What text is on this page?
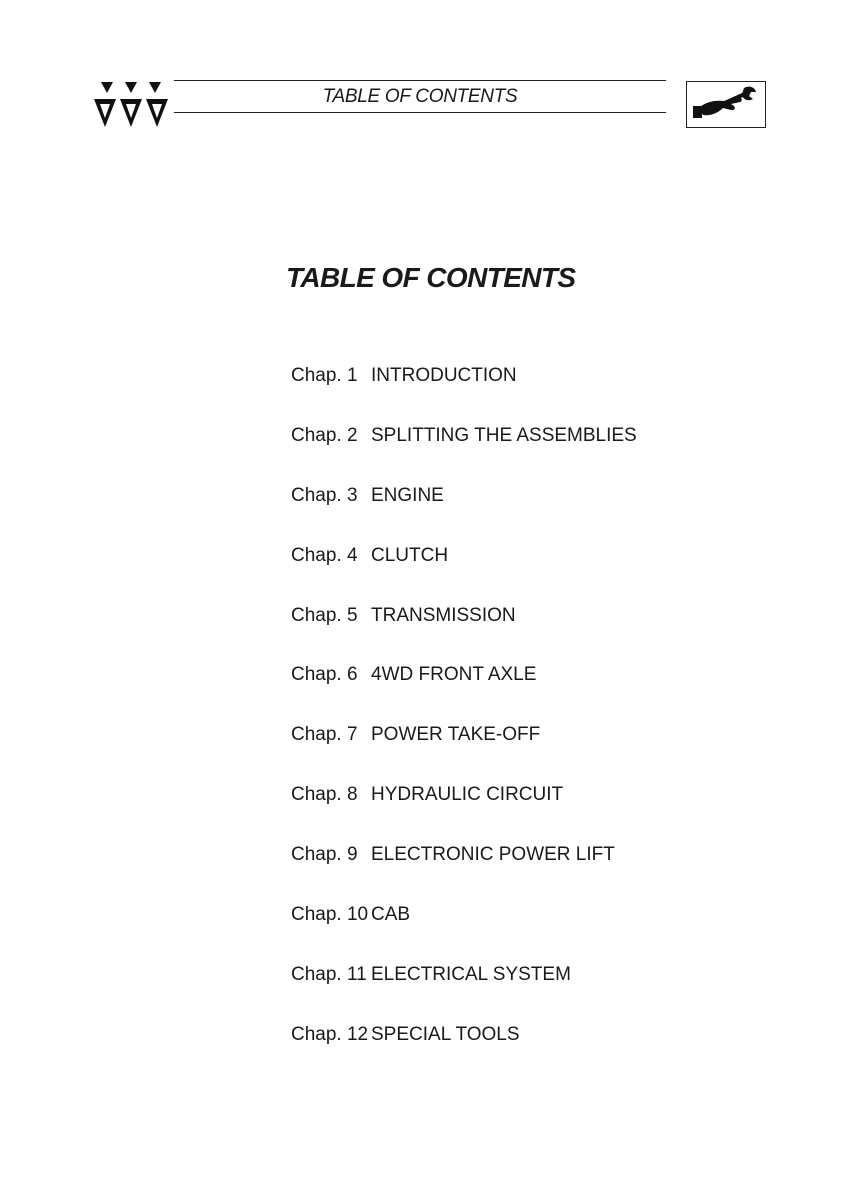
TABLE OF CONTENTS
TABLE OF CONTENTS
Chap. 1 INTRODUCTION
Chap. 2 SPLITTING THE ASSEMBLIES
Chap. 3 ENGINE
Chap. 4 CLUTCH
Chap. 5 TRANSMISSION
Chap. 6 4WD FRONT AXLE
Chap. 7 POWER TAKE-OFF
Chap. 8 HYDRAULIC CIRCUIT
Chap. 9 ELECTRONIC POWER LIFT
Chap. 10 CAB
Chap. 11 ELECTRICAL SYSTEM
Chap. 12 SPECIAL TOOLS
